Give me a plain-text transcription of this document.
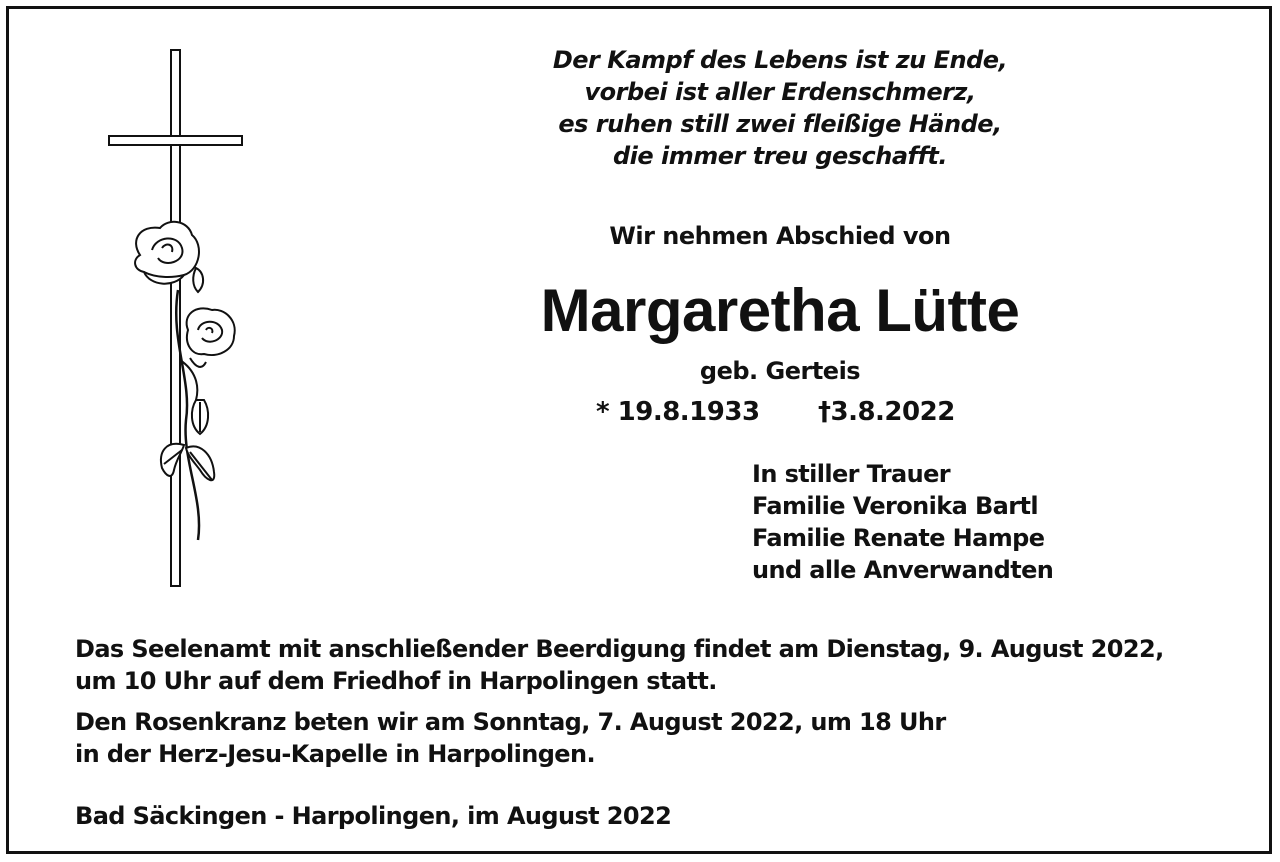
Der Kampf des Lebens ist zu Ende,
vorbei ist aller Erdenschmerz,
es ruhen still zwei fleißige Hände,
die immer treu geschafft.
Wir nehmen Abschied von
Margaretha Lütte
geb. Gerteis
* 19.8.1933 †3.8.2022
In stiller Trauer
Familie Veronika Bartl
Familie Renate Hampe
und alle Anverwandten
Das Seelenamt mit anschließender Beerdigung findet am Dienstag, 9. August 2022,
um 10 Uhr auf dem Friedhof in Harpolingen statt.
Den Rosenkranz beten wir am Sonntag, 7. August 2022, um 18 Uhr
in der Herz-Jesu-Kapelle in Harpolingen.
Bad Säckingen - Harpolingen, im August 2022
